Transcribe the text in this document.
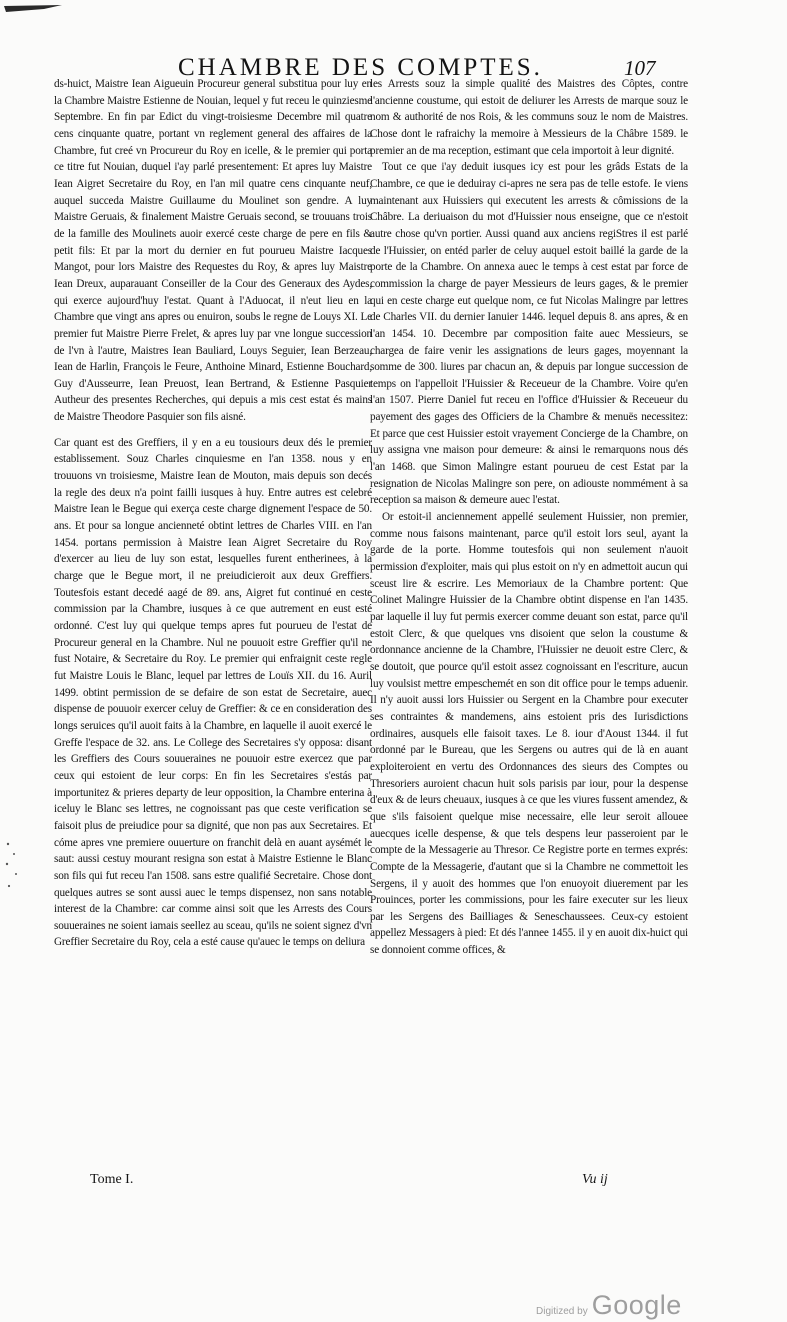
CHAMBRE DES COMPTES.	107

ds-huict, Maistre Iean Aigueuin Procureur general substitua pour luy en la Chambre Maistre Estienne de Nouian, lequel y fut receu le quinziesme Septembre. En fin par Edict du vingt-troisiesme Decembre mil quatre cens cinquante quatre, portant vn reglement general des affaires de la Chambre, fut creé vn Procureur du Roy en icelle, & le premier qui porta ce titre fut Nouian, duquel i'ay parlé presentement: Et apres luy Maistre Iean Aigret Secretaire du Roy, en l'an mil quatre cens cinquante neuf, auquel succeda Maistre Guillaume du Moulinet son gendre. A luy Maistre Geruais, & finalement Maistre Geruais second, se trouuans trois de la famille des Moulinets auoir exercé ceste charge de pere en fils & petit fils: Et par la mort du dernier en fut pourueu Maistre Iacques Mangot, pour lors Maistre des Requestes du Roy, & apres luy Maistre Iean Dreux, auparauant Conseiller de la Cour des Generaux des Aydes, qui exerce aujourd'huy l'estat. Quant à l'Aduocat, il n'eut lieu en la Chambre que vingt ans apres ou enuiron, soubs le regne de Louys XI. Le premier fut Maistre Pierre Frelet, & apres luy par vne longue succession de l'vn à l'autre, Maistres Iean Bauliard, Louys Seguier, Iean Berzeau, Iean de Harlin, François le Feure, Anthoine Minard, Estienne Bouchard, Guy d'Ausseurre, Iean Preuost, Iean Bertrand, & Estienne Pasquier Autheur des presentes Recherches, qui depuis a mis cest estat és mains de Maistre Theodore Pasquier son fils aisné.

Car quant est des Greffiers, il y en a eu tousiours deux dés le premier establissement. Souz Charles cinquiesme en l'an 1358. nous y en trouuons vn troisiesme, Maistre Iean de Mouton, mais depuis son decés la regle des deux n'a point failli iusques à huy. Entre autres est celebré Maistre Iean le Begue qui exerça ceste charge dignement l'espace de 50. ans. Et pour sa longue ancienneté obtint lettres de Charles VIII. en l'an 1454. portans permission à Maistre Iean Aigret Secretaire du Roy d'exercer au lieu de luy son estat, lesquelles furent entherinees, à la charge que le Begue mort, il ne preiudicieroit aux deux Greffiers. Toutesfois estant decedé aagé de 89. ans, Aigret fut continué en ceste commission par la Chambre, iusques à ce que autrement en eust esté ordonné. C'est luy qui quelque temps apres fut pourueu de l'estat de Procureur general en la Chambre. Nul ne pouuoit estre Greffier qu'il ne fust Notaire, & Secretaire du Roy. Le premier qui enfraignit ceste regle fut Maistre Louis le Blanc, lequel par lettres de Louïs XII. du 16. Auril 1499. obtint permission de se defaire de son estat de Secretaire, auec dispense de pouuoir exercer celuy de Greffier: & ce en consideration des longs seruices qu'il auoit faits à la Chambre, en laquelle il auoit exercé le Greffe l'espace de 32. ans. Le College des Secretaires s'y opposa: disant les Greffiers des Cours souueraines ne pouuoir estre exercez que par ceux qui estoient de leur corps: En fin les Secretaires s'estás par importunitez & prieres departy de leur opposition, la Chambre enterina à iceluy le Blanc ses lettres, ne cognoissant pas que ceste verification se faisoit plus de preiudice pour sa dignité, que non pas aux Secretaires. Et cóme apres vne premiere ouuerture on franchit delà en auant aysémét le saut: aussi cestuy mourant resigna son estat à Maistre Estienne le Blanc son fils qui fut receu l'an 1508. sans estre qualifié Secretaire. Chose dont quelques autres se sont aussi auec le temps dispensez, non sans notable interest de la Chambre: car comme ainsi soit que les Arrests des Cours souueraines ne soient iamais seellez au sceau, qu'ils ne soient signez d'vn Greffier Secretaire du Roy, cela a esté cause qu'auec le temps on deliura

les Arrests souz la simple qualité des Maistres des Côptes, contre l'ancienne coustume, qui estoit de deliurer les Arrests de marque souz le nom & authorité de nos Rois, & les communs souz le nom de Maistres. Chose dont le rafraichy la memoire à Messieurs de la Châbre 1589. le premier an de ma reception, estimant que cela importoit à leur dignité.

Tout ce que i'ay deduit iusques icy est pour les grâds Estats de la Chambre, ce que ie deduiray ci-apres ne sera pas de telle estofe. Ie viens maintenant aux Huissiers qui executent les arrests & cômissions de la Châbre. La deriuaison du mot d'Huissier nous enseigne, que ce n'estoit autre chose qu'vn portier. Aussi quand aux anciens regiStres il est parlé de l'Huissier, on entéd parler de celuy auquel estoit baillé la garde de la porte de la Chambre. On annexa auec le temps à cest estat par force de commission la charge de payer Messieurs de leurs gages, & le premier qui en ceste charge eut quelque nom, ce fut Nicolas Malingre par lettres de Charles VII. du dernier Ianuier 1446. lequel depuis 8. ans apres, & en l'an 1454. 10. Decembre par composition faite auec Messieurs, se chargea de faire venir les assignations de leurs gages, moyennant la somme de 300. liures par chacun an, & depuis par longue succession de temps on l'appelloit l'Huissier & Receueur de la Chambre. Voire qu'en l'an 1507. Pierre Daniel fut receu en l'office d'Huissier & Receueur du payement des gages des Officiers de la Chambre & menuës necessitez: Et parce que cest Huissier estoit vrayement Concierge de la Chambre, on luy assigna vne maison pour demeure: & ainsi le remarquons nous dés l'an 1468. que Simon Malingre estant pourueu de cest Estat par la resignation de Nicolas Malingre son pere, on adiouste nommément à sa reception sa maison & demeure auec l'estat.

Or estoit-il anciennement appellé seulement Huissier, non premier, comme nous faisons maintenant, parce qu'il estoit lors seul, ayant la garde de la porte. Homme toutesfois qui non seulement n'auoit permission d'exploiter, mais qui plus estoit on n'y en admettoit aucun qui sceust lire & escrire. Les Memoriaux de la Chambre portent: Que Colinet Malingre Huissier de la Chambre obtint dispense en l'an 1435. par laquelle il luy fut permis exercer comme deuant son estat, parce qu'il estoit Clerc, & que quelques vns disoient que selon la coustume & ordonnance ancienne de la Chambre, l'Huissier ne deuoit estre Clerc, & se doutoit, que pource qu'il estoit assez cognoissant en l'escriture, aucun luy voulsist mettre empeschemét en son dit office pour le temps aduenir. Il n'y auoit aussi lors Huissier ou Sergent en la Chambre pour executer ses contraintes & mandemens, ains estoient pris des Iurisdictions ordinaires, ausquels elle faisoit taxes. Le 8. iour d'Aoust 1344. il fut ordonné par le Bureau, que les Sergens ou autres qui de là en auant exploiteroient en vertu des Ordonnances des sieurs des Comptes ou Thresoriers auroient chacun huit sols parisis par iour, pour la despense d'eux & de leurs cheuaux, iusques à ce que les viures fussent amendez, & que s'ils faisoient quelque mise necessaire, elle leur seroit allouee auecques icelle despense, & que tels despens leur passeroient par le compte de la Messagerie au Thresor. Ce Registre porte en termes exprés: Compte de la Messagerie, d'autant que si la Chambre ne commettoit les Sergens, il y auoit des hommes que l'on enuoyoit diuerement par les Prouinces, porter les commissions, pour les faire executer sur les lieux par les Sergens des Bailliages & Seneschaussees. Ceux-cy estoient appellez Messagers à pied: Et dés l'annee 1455. il y en auoit dix-huict qui se donnoient comme offices, &

Tome I.	Vu ij
Digitized by Google
